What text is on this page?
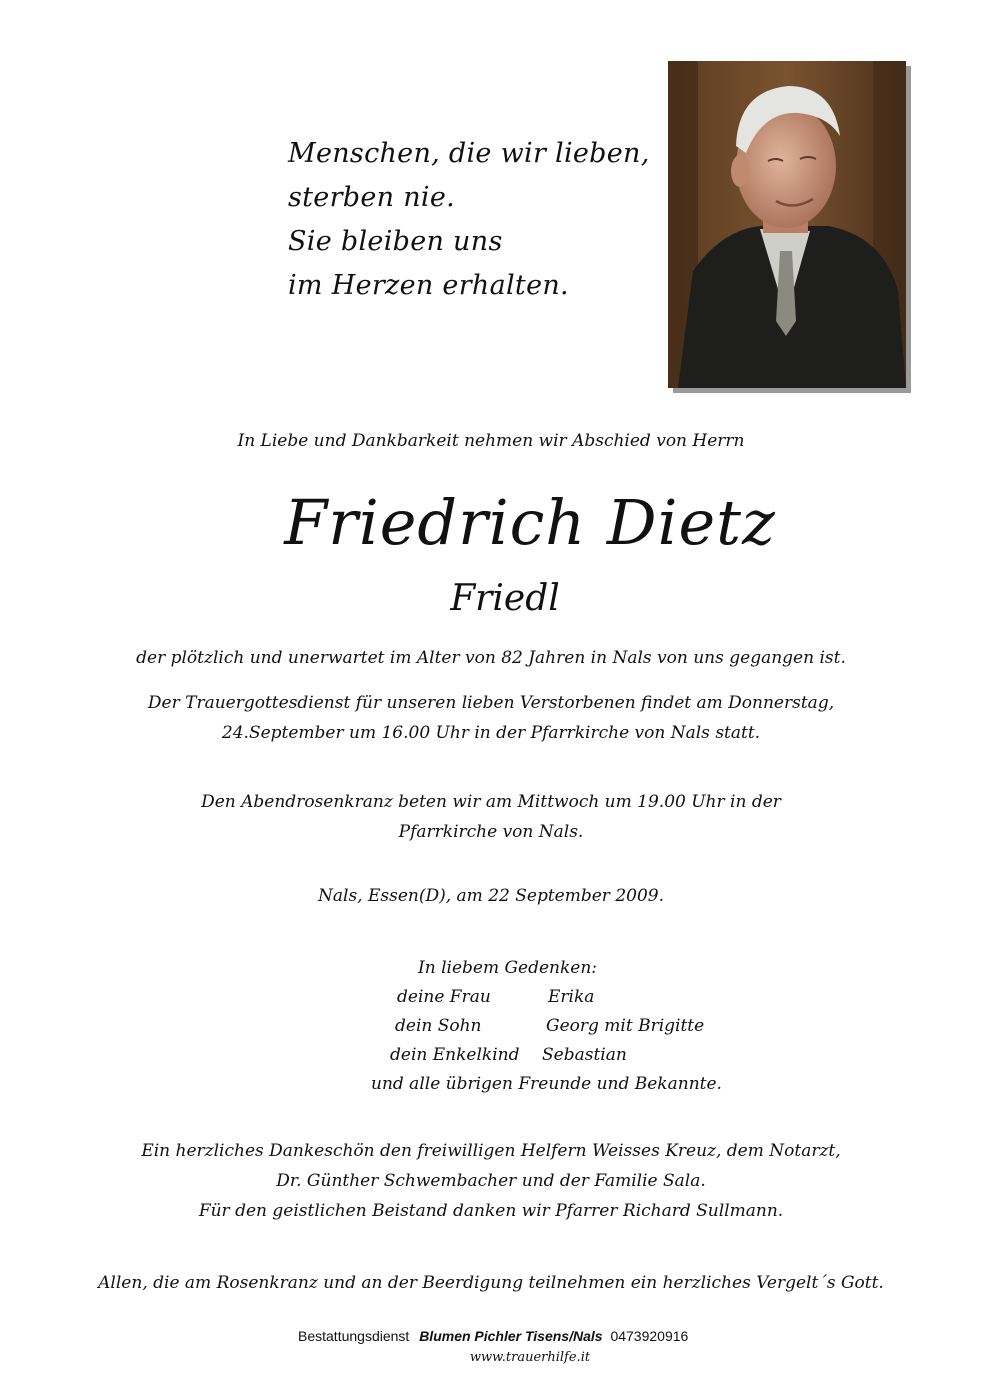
Menschen, die wir lieben,
sterben nie.
Sie bleiben uns
im Herzen erhalten.
In Liebe und Dankbarkeit nehmen wir Abschied von Herrn
Friedrich Dietz
Friedl
der plötzlich und unerwartet im Alter von 82 Jahren in Nals von uns gegangen ist.
Der Trauergottesdienst für unseren lieben Verstorbenen findet am Donnerstag,
24.September um 16.00 Uhr in der Pfarrkirche von Nals statt.
Den Abendrosenkranz beten wir am Mittwoch um 19.00 Uhr in der
Pfarrkirche von Nals.
Nals, Essen(D), am 22 September 2009.
In liebem Gedenken:
deine Frau	Erika
dein Sohn	Georg mit Brigitte
dein Enkelkind Sebastian
und alle übrigen Freunde und Bekannte.
Ein herzliches Dankeschön den freiwilligen Helfern Weisses Kreuz, dem Notarzt,
Dr. Günther Schwembacher und der Familie Sala.
Für den geistlichen Beistand danken wir Pfarrer Richard Sullmann.
Allen, die am Rosenkranz und an der Beerdigung teilnehmen ein herzliches Vergelt´s Gott.
Bestattungsdienst Blumen Pichler Tisens/Nals 0473920916
www.trauerhilfe.it
